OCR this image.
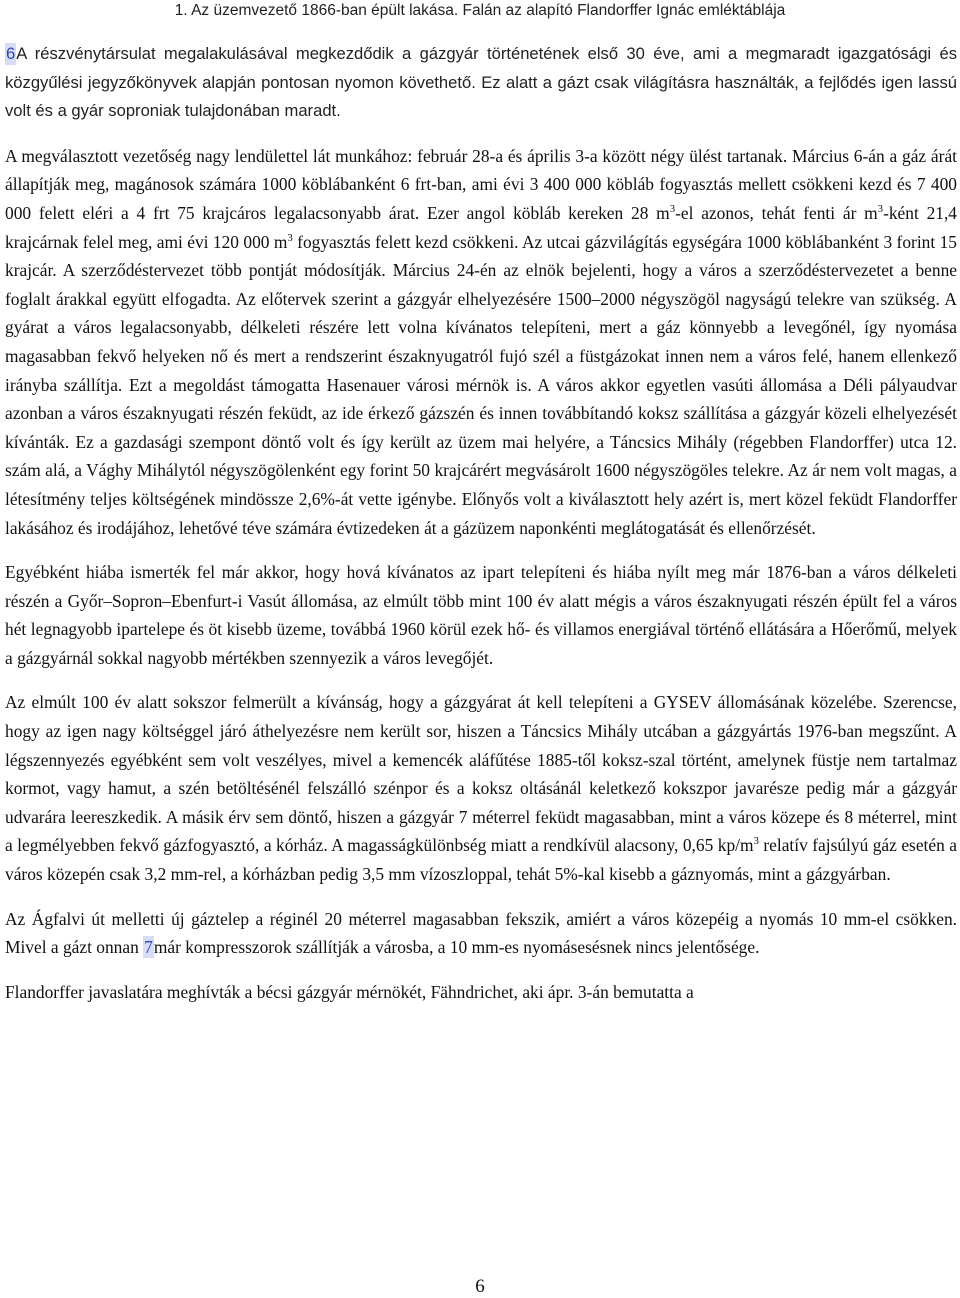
1. Az üzemvezető 1866-ban épült lakása. Falán az alapító Flandorffer Ignác emléktáblája

6A részvénytársulat megalakulásával megkezdődik a gázgyár történetének első 30 éve, ami a megmaradt igazgatósági és közgyűlési jegyzőkönyvek alapján pontosan nyomon követhető. Ez alatt a gázt csak világításra használták, a fejlődés igen lassú volt és a gyár soproniak tulajdonában maradt.

A megválasztott vezetőség nagy lendülettel lát munkához: február 28-a és április 3-a között négy ülést tartanak. Március 6-án a gáz árát állapítják meg, magánosok számára 1000 köblábanként 6 frt-ban, ami évi 3 400 000 köbláb fogyasztás mellett csökkeni kezd és 7 400 000 felett eléri a 4 frt 75 krajcáros legalacsonyabb árat. Ezer angol köbláb kereken 28 $m^3-el$ azonos, tehát fenti ár $m^3$-ként 21,4 krajcárnak felel meg, ami évi 120 000 $m^3$ fogyasztás felett kezd csökkeni. Az utcai gázvilágítás egységára 1000 köblábanként 3 forint 15 krajcár. A szerződéstervezet több pontját módosítják. Március 24-én az elnök bejelenti, hogy a város a szerződéstervezetet a benne foglalt árakkal együtt elfogadta. Az előtervek szerint a gázgyár elhelyezésére 1500–2000 négyszögöl nagyságú telekre van szükség. A gyárat a város legalacsonyabb, délkeleti részére lett volna kívánatos telepíteni, mert a gáz könnyebb a levegőnél, így nyomása magasabban fekvő helyeken nő és mert a rendszerint északnyugatról fujó szél a füstgázokat innen nem a város felé, hanem ellenkező irányba szállítja. Ezt a megoldást támogatta Hasenauer városi mérnök is. A város akkor egyetlen vasúti állomása a Déli pályaudvar azonban a város északnyugati részén feküdt, az ide érkező gázszén és innen továbbítandó koksz szállítása a gázgyár közeli elhelyezését kívánták. Ez a gazdasági szempont döntő volt és így került az üzem mai helyére, a Táncsics Mihály (régebben Flandorffer) utca 12. szám alá, a Vághy Mihálytól négyszögölenként egy forint 50 krajcárért megvásárolt 1600 négyszögöles telekre. Az ár nem volt magas, a létesítmény teljes költségének mindössze 2,6%-át vette igénybe. Előnyős volt a kiválasztott hely azért is, mert közel feküdt Flandorffer lakásához és irodájához, lehetővé téve számára évtizedeken át a gázüzem naponkénti meglátogatását és ellenőrzését.

Egyébként hiába ismerték fel már akkor, hogy hová kívánatos az ipart telepíteni és hiába nyílt meg már 1876-ban a város délkeleti részén a Győr–Sopron–Ebenfurt-i Vasút állomása, az elmúlt több mint 100 év alatt mégis a város északnyugati részén épült fel a város hét legnagyobb ipartelepe és öt kisebb üzeme, továbbá 1960 körül ezek hő- és villamos energiával történő ellátására a Hőerőmű, melyek a gázgyárnál sokkal nagyobb mértékben szennyezik a város levegőjét.

Az elmúlt 100 év alatt sokszor felmerült a kívánság, hogy a gázgyárat át kell telepíteni a GYSEV állomásának közelébe. Szerencse, hogy az igen nagy költséggel járó áthelyezésre nem került sor, hiszen a Táncsics Mihály utcában a gázgyártás 1976-ban megszűnt. A légszennyezés egyébként sem volt veszélyes, mivel a kemencék aláfűtése 1885-től koksz-szal történt, amelynek füstje nem tartalmaz kormot, vagy hamut, a szén betöltésénél felszálló szénpor és a koksz oltásánál keletkező kokszpor javarésze pedig már a gázgyár udvarára leereszkedik. A másik érv sem döntő, hiszen a gázgyár 7 méterrel feküdt magasabban, mint a város közepe és 8 méterrel, mint a legmélyebben fekvő gázfogyasztó, a kórház. A magasságkülönbség miatt a rendkívül alacsony, 0,65 $kp/m^3$ relatív fajsúlyú gáz esetén a város közepén csak 3,2 mm-rel, a kórházban pedig 3,5 mm vízoszloppal, tehát 5%-kal kisebb a gáznyomás, mint a gázgyárban.

Az Ágfalvi út melletti új gáztelep a réginél 20 méterrel magasabban fekszik, amiért a város közepéig a nyomás 10 mm-el csökken. Mivel a gázt onnan 7már kompresszorok szállítják a városba, a 10 mm-es nyomásesésnek nincs jelentősége.

Flandorffer javaslatára meghívták a bécsi gázgyár mérnökét, Fähndrichet, aki ápr. 3-án bemutatta a

6
